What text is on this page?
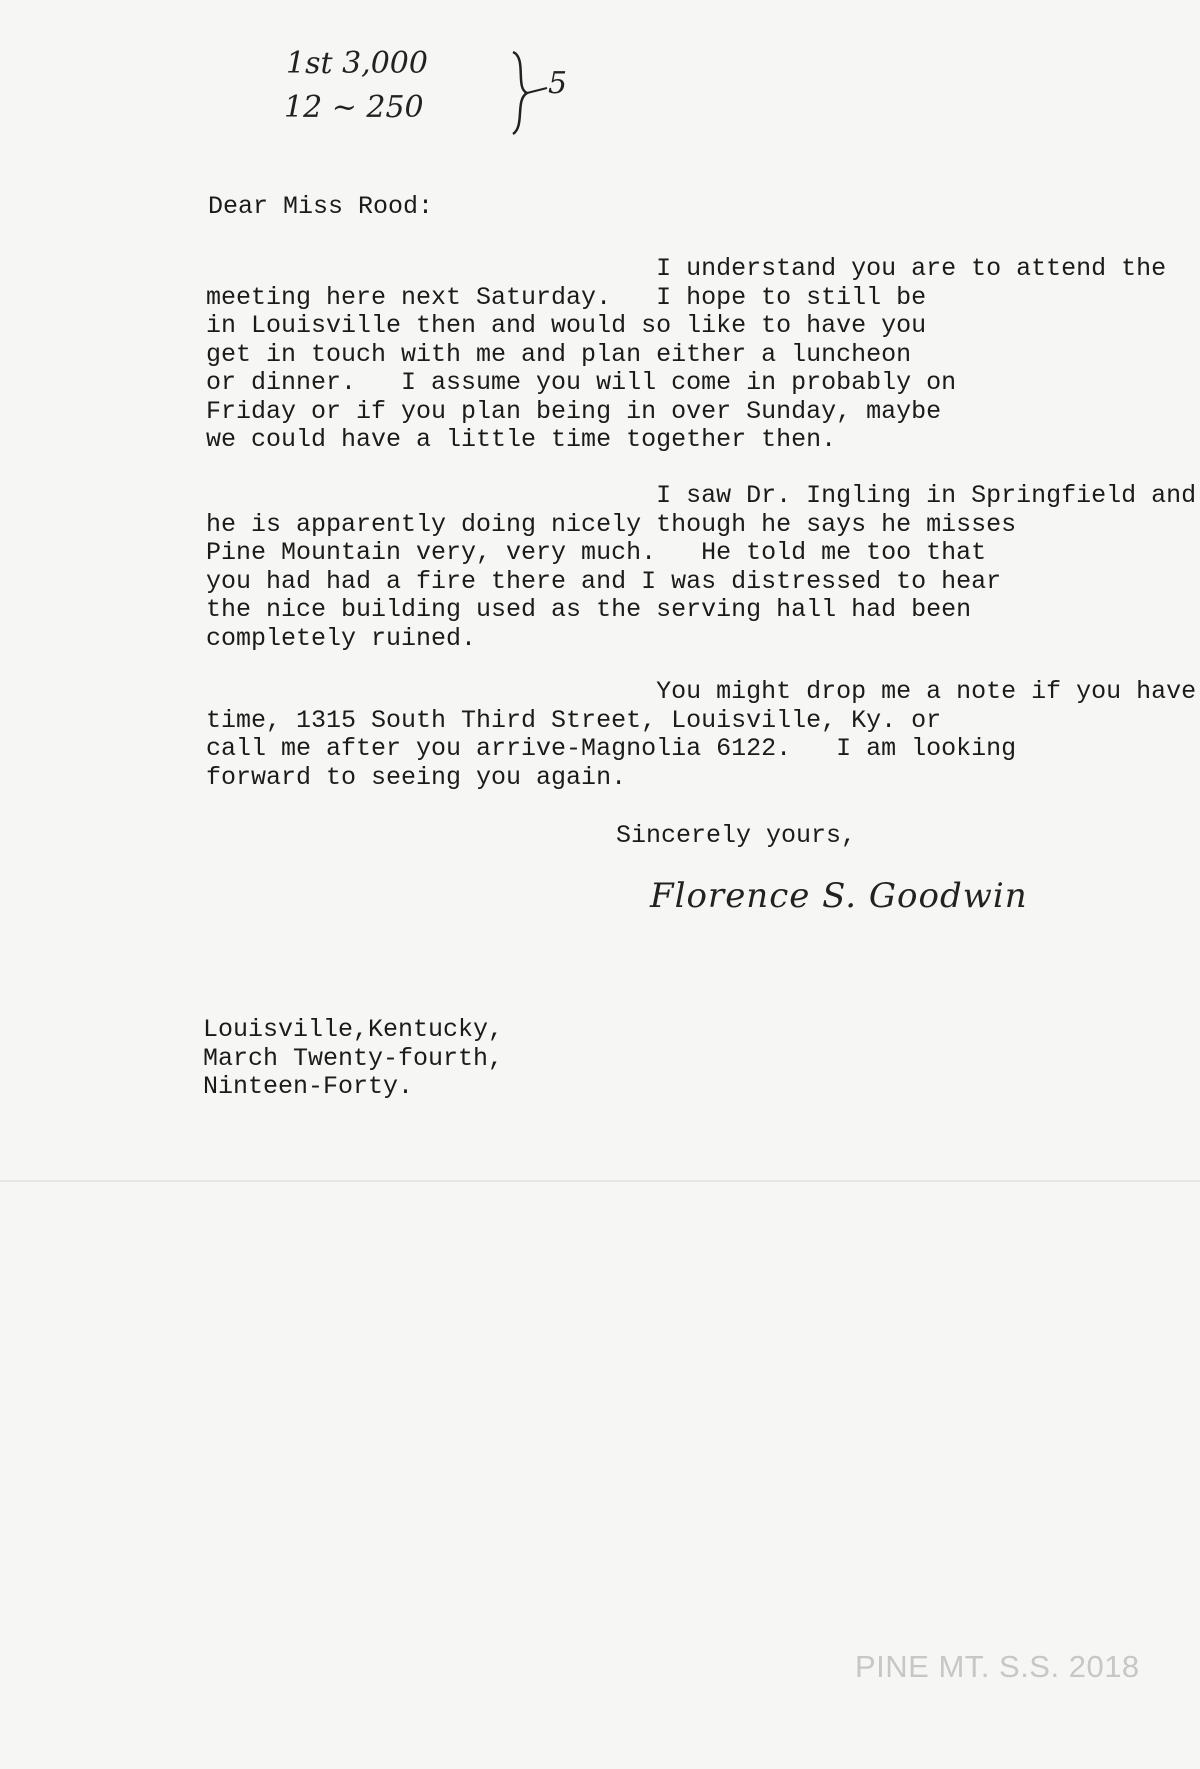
1st 3,000
12 ~ 250
5
Dear Miss Rood:
I understand you are to attend the
meeting here next Saturday.   I hope to still be
in Louisville then and would so like to have you
get in touch with me and plan either a luncheon
or dinner.   I assume you will come in probably on
Friday or if you plan being in over Sunday, maybe
we could have a little time together then.
I saw Dr. Ingling in Springfield and
he is apparently doing nicely though he says he misses
Pine Mountain very, very much.   He told me too that
you had had a fire there and I was distressed to hear
the nice building used as the serving hall had been
completely ruined.
You might drop me a note if you have
time, 1315 South Third Street, Louisville, Ky. or
call me after you arrive-Magnolia 6122.   I am looking
forward to seeing you again.
Sincerely yours,
Florence S. Goodwin
Louisville,Kentucky,
March Twenty-fourth,
Ninteen-Forty.
PINE MT. S.S. 2018
